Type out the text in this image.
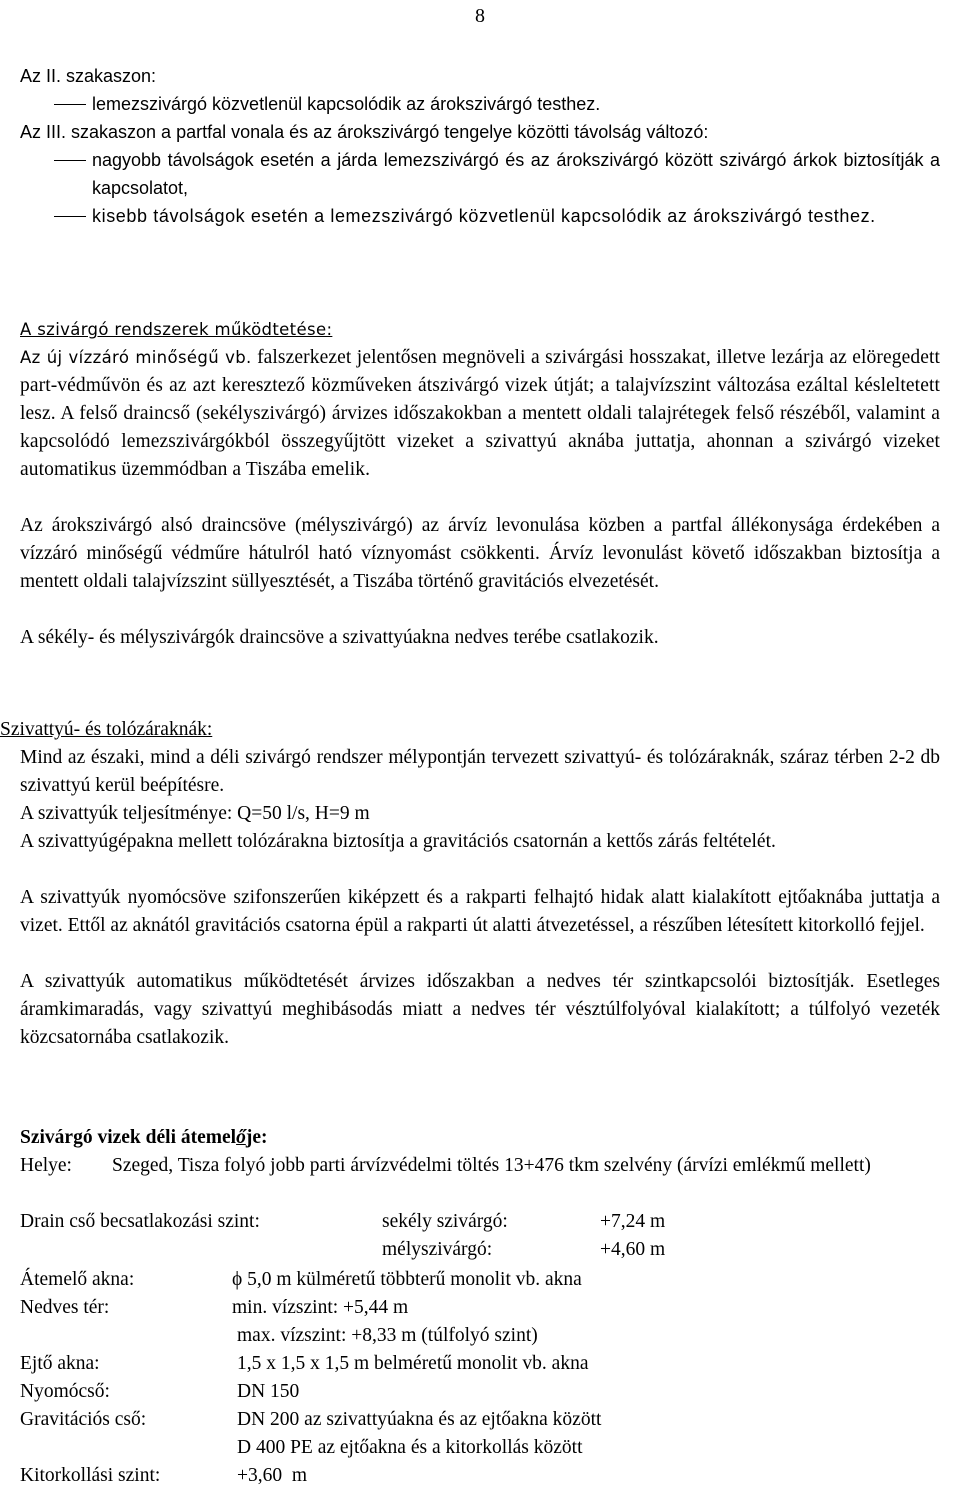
8
Az II. szakaszon:
lemezszivárgó közvetlenül kapcsolódik az árokszivárgó testhez.
Az III. szakaszon a partfal vonala és az árokszivárgó tengelye közötti távolság változó:
nagyobb távolságok esetén a járda lemezszivárgó és az árokszivárgó között szivárgó árkok biztosítják a kapcsolatot,
kisebb távolságok esetén a lemezszivárgó közvetlenül kapcsolódik az árokszivárgó testhez.
A szivárgó rendszerek működtetése:
Az új vízzáró minőségű vb. falszerkezet jelentősen megnöveli a szivárgási hosszakat, illetve lezárja az elöregedett part-védművön és az azt keresztező közműveken átszivárgó vizek útját; a talajvízszint változása ezáltal késleltetett lesz. A felső draincső (sekélyszivárgó) árvizes időszakokban a mentett oldali talajrétegek felső részéből, valamint a kapcsolódó lemezszivárgókból összegyűjtött vizeket a szivattyú aknába juttatja, ahonnan a szivárgó vizeket automatikus üzemmódban a Tiszába emelik.
Az árokszivárgó alsó draincsöve (mélyszivárgó) az árvíz levonulása közben a partfal állékonysága érdekében a vízzáró minőségű védműre hátulról ható víznyomást csökkenti. Árvíz levonulást követő időszakban biztosítja a mentett oldali talajvízszint süllyesztését, a Tiszába történő gravitációs elvezetését.
A sékély- és mélyszivárgók draincsöve a szivattyúakna nedves terébe csatlakozik.
Szivattyú- és tolózáraknák:
Mind az északi, mind a déli szivárgó rendszer mélypontján tervezett szivattyú- és tolózáraknák, száraz térben 2-2 db szivattyú kerül beépítésre.
A szivattyúk teljesítménye: Q=50 l/s, H=9 m
A szivattyúgépakna mellett tolózárakna biztosítja a gravitációs csatornán a kettős zárás feltételét.
A szivattyúk nyomócsöve szifonszerűen kiképzett és a rakparti felhajtó hidak alatt kialakított ejtőaknába juttatja a vizet. Ettől az aknától gravitációs csatorna épül a rakparti út alatti átvezetéssel, a részűben létesített kitorkolló fejjel.
A szivattyúk automatikus működtetését árvizes időszakban a nedves tér szintkapcsolói biztosítják. Esetleges áramkimaradás, vagy szivattyú meghibásodás miatt a nedves tér vésztúlfolyóval kialakított; a túlfolyó vezeték közcsatornába csatlakozik.
Szivárgó vizek déli átemelője:
Helye: Szeged, Tisza folyó jobb parti árvízvédelmi töltés 13+476 tkm szelvény (árvízi emlékmű mellett)
Drain cső becsatlakozási szint:	sekély szivárgó:	+7,24 m
mélyszivárgó:	+4,60 m
Átemelő akna:	ϕ 5,0 m külméretű többterű monolit vb. akna
Nedves tér:	min. vízszint: +5,44 m
max. vízszint: +8,33 m (túlfolyó szint)
Ejtő akna:	1,5 x 1,5 x 1,5 m belméretű monolit vb. akna
Nyomócső:	DN 150
Gravitációs cső:	DN 200 az szivattyúakna és az ejtőakna között
D 400 PE az ejtőakna és a kitorkollás között
Kitorkollási szint:	+3,60  m
